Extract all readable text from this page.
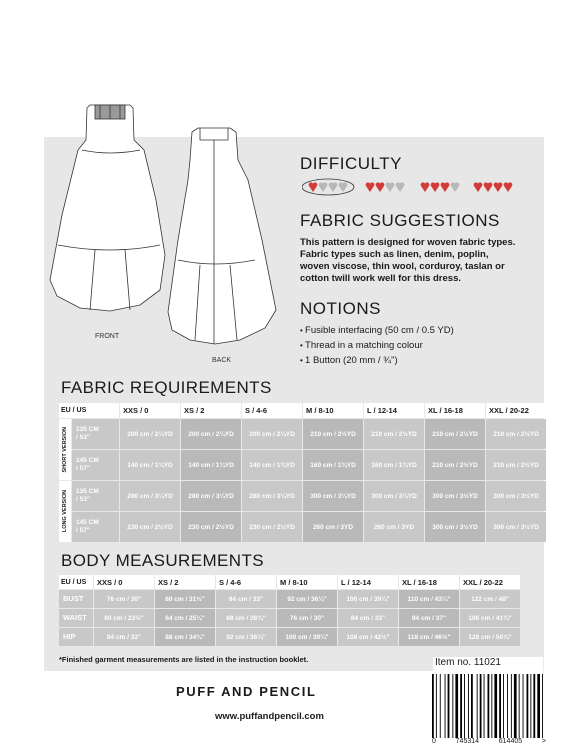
FRONT
BACK
DIFFICULTY
FABRIC SUGGESTIONS
This pattern is designed for woven fabric types.
Fabric types such as linen, denim, poplin,
woven viscose, thin wool, corduroy, taslan or
cotton twill work well for this dress.
NOTIONS
• Fusible interfacing (50 cm / 0.5 YD)
• Thread in a matching colour
• 1 Button (20 mm / ¾")
FABRIC REQUIREMENTS
EU / US		XXS / 0	XS / 2	S / 4-6	M / 8-10	L / 12-14	XL / 16-18	XXL / 20-22

SHORT VERSION	135 CM
/ 53"	200 cm / 2¼YD	200 cm / 2¼YD	200 cm / 2¼YD	210 cm / 2½YD	210 cm / 2½YD	210 cm / 2½YD	210 cm / 2½YD

	145 CM
/ 57"	140 cm / 1¾YD	140 cm / 1¾YD	140 cm / 1¾YD	160 cm / 1¾YD	160 cm / 1¾YD	210 cm / 2½YD	210 cm / 2½YD

LONG VERSION	135 CM
/ 53"	280 cm / 3¼YD	280 cm / 3¼YD	280 cm / 3¼YD	300 cm / 3¼YD	300 cm / 3¼YD	300 cm / 3½YD	300 cm / 3½YD

	145 CM
/ 57"	230 cm / 2½YD	230 cm / 2½YD	230 cm / 2½YD	260 cm / 3YD	260 cm / 3YD	300 cm / 3½YD	300 cm / 3½YD
BODY MEASUREMENTS
EU / US	XXS / 0	XS / 2	S / 4-6	M / 8-10	L / 12-14	XL / 16-18	XXL / 20-22
BUST	76 cm / 30"	80 cm / 31½"	84 cm / 33"	92 cm / 36¼"	100 cm / 39¼"	110 cm / 43¼"	122 cm / 48"
WAIST	60 cm / 23½"	64 cm / 25¼"	68 cm / 26¾"	76 cm / 30"	84 cm / 33"	94 cm / 37"	106 cm / 41¾"
HIP	84 cm / 33"	88 cm / 34¾"	92 cm / 36¼"	100 cm / 39¼"	108 cm / 42½"	118 cm / 46½"	128 cm / 50¼"
*Finished garment measurements are listed in the instruction booklet.	Item no. 11021
PUFF AND PENCIL
www.puffandpencil.com
0	745314	614405	>
